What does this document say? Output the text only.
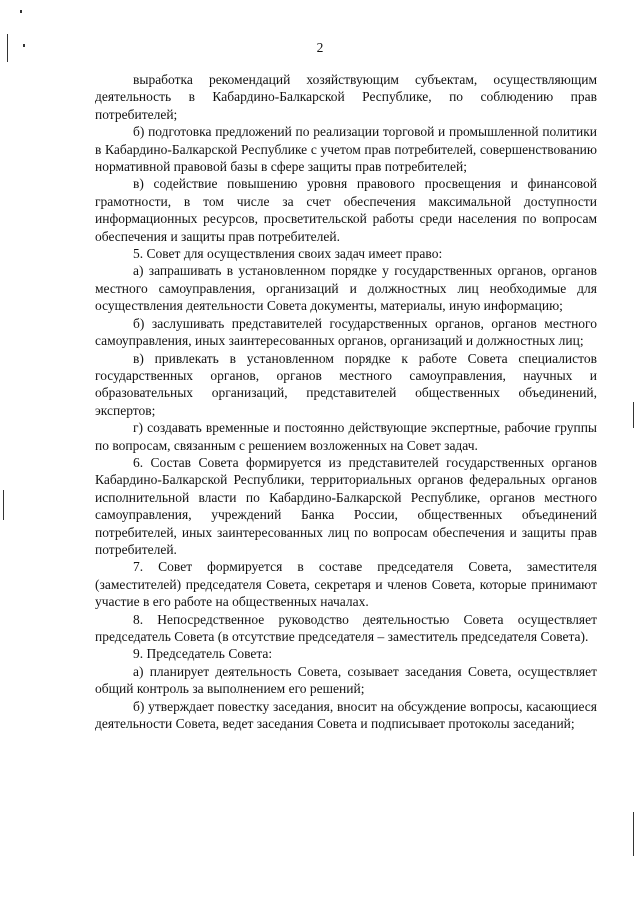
2

выработка рекомендаций хозяйствующим субъектам, осуществляющим деятельность в Кабардино-Балкарской Республике, по соблюдению прав потребителей;

б) подготовка предложений по реализации торговой и промышленной политики в Кабардино-Балкарской Республике с учетом прав потребителей, совершенствованию нормативной правовой базы в сфере защиты прав потребителей;

в) содействие повышению уровня правового просвещения и финансовой грамотности, в том числе за счет обеспечения максимальной доступности информационных ресурсов, просветительской работы среди населения по вопросам обеспечения и защиты прав потребителей.

5. Совет для осуществления своих задач имеет право:

а) запрашивать в установленном порядке у государственных органов, органов местного самоуправления, организаций и должностных лиц необходимые для осуществления деятельности Совета документы, материалы, иную информацию;

б) заслушивать представителей государственных органов, органов местного самоуправления, иных заинтересованных органов, организаций и должностных лиц;

в) привлекать в установленном порядке к работе Совета специалистов государственных органов, органов местного самоуправления, научных и образовательных организаций, представителей общественных объединений, экспертов;

г) создавать временные и постоянно действующие экспертные, рабочие группы по вопросам, связанным с решением возложенных на Совет задач.

6. Состав Совета формируется из представителей государственных органов Кабардино-Балкарской Республики, территориальных органов федеральных органов исполнительной власти по Кабардино-Балкарской Республике, органов местного самоуправления, учреждений Банка России, общественных объединений потребителей, иных заинтересованных лиц по вопросам обеспечения и защиты прав потребителей.

7. Совет формируется в составе председателя Совета, заместителя (заместителей) председателя Совета, секретаря и членов Совета, которые принимают участие в его работе на общественных началах.

8. Непосредственное руководство деятельностью Совета осуществляет председатель Совета (в отсутствие председателя – заместитель председателя Совета).

9. Председатель Совета:

а) планирует деятельность Совета, созывает заседания Совета, осуществляет общий контроль за выполнением его решений;

б) утверждает повестку заседания, вносит на обсуждение вопросы, касающиеся деятельности Совета, ведет заседания Совета и подписывает протоколы заседаний;
